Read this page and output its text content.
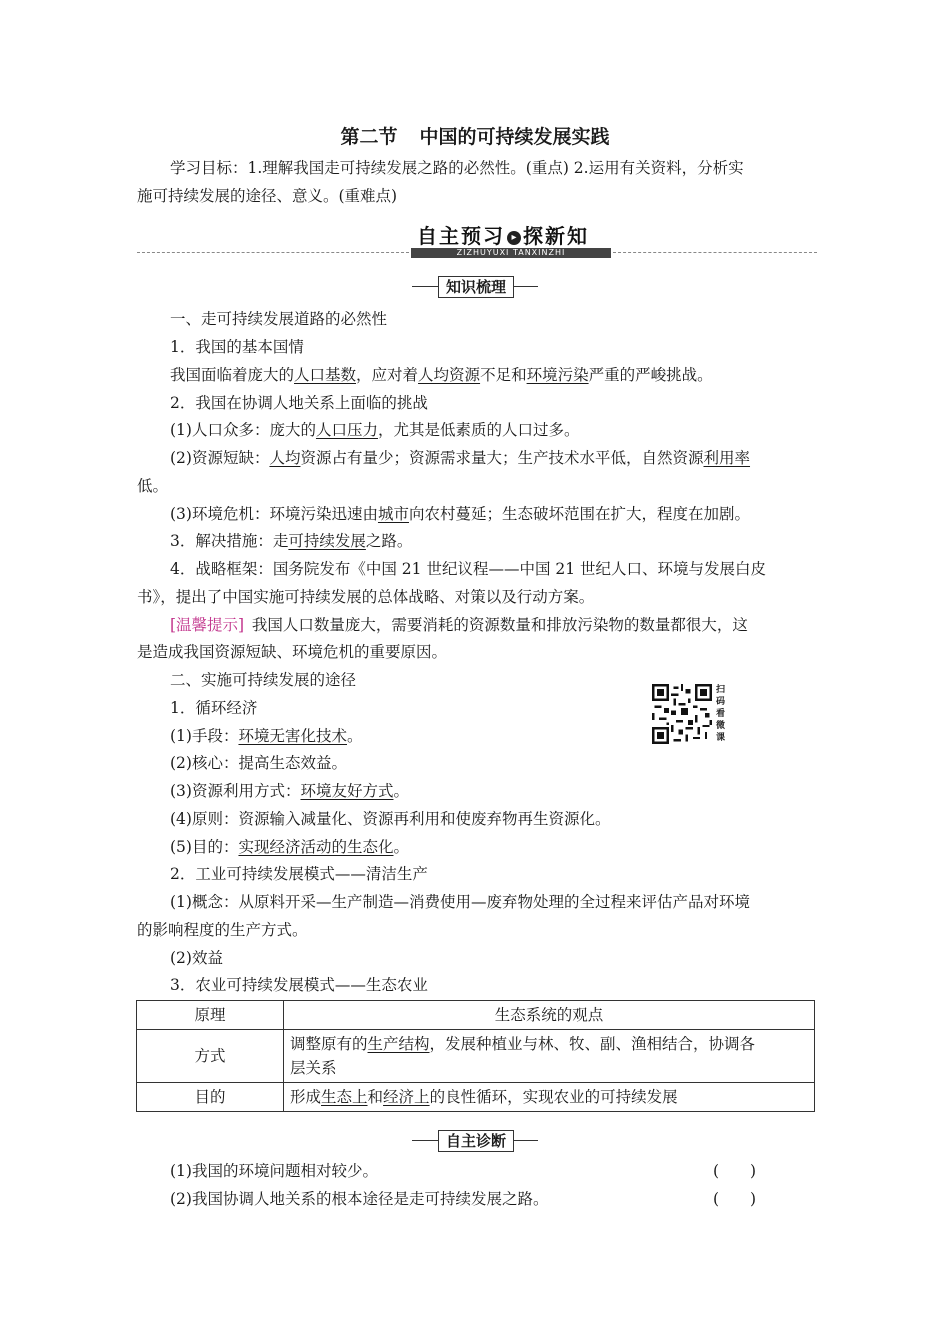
第二节 中国的可持续发展实践
学习目标：1.理解我国走可持续发展之路的必然性。(重点) 2.运用有关资料，分析实
施可持续发展的途径、意义。(重难点)
自主预习 ▸ 探新知
ZIZHUYUXI TANXINZHI
知识梳理
一、走可持续发展道路的必然性
1．我国的基本国情
我国面临着庞大的人口基数，应对着人均资源不足和环境污染严重的严峻挑战。
2．我国在协调人地关系上面临的挑战
(1)人口众多：庞大的人口压力，尤其是低素质的人口过多。
(2)资源短缺：人均资源占有量少；资源需求量大；生产技术水平低，自然资源利用率
低。
(3)环境危机：环境污染迅速由城市向农村蔓延；生态破坏范围在扩大，程度在加剧。
3．解决措施：走可持续发展之路。
4．战略框架：国务院发布《中国 21 世纪议程——中国 21 世纪人口、环境与发展白皮
书》，提出了中国实施可持续发展的总体战略、对策以及行动方案。
[温馨提示]  我国人口数量庞大，需要消耗的资源数量和排放污染物的数量都很大，这
是造成我国资源短缺、环境危机的重要原因。
二、实施可持续发展的途径
1．循环经济
扫码看微课
(1)手段：环境无害化技术。
(2)核心：提高生态效益。
(3)资源利用方式：环境友好方式。
(4)原则：资源输入减量化、资源再利用和使废弃物再生资源化。
(5)目的：实现经济活动的生态化。
2．工业可持续发展模式——清洁生产
(1)概念：从原料开采—生产制造—消费使用—废弃物处理的全过程来评估产品对环境
的影响程度的生产方式。
(2)效益
3．农业可持续发展模式——生态农业
原理	生态系统的观点
方式	调整原有的生产结构，发展种植业与林、牧、副、渔相结合，协调各
层关系
目的	形成生态上和经济上的良性循环，实现农业的可持续发展
自主诊断
(1)我国的环境问题相对较少。	(　　)
(2)我国协调人地关系的根本途径是走可持续发展之路。	(　　)
